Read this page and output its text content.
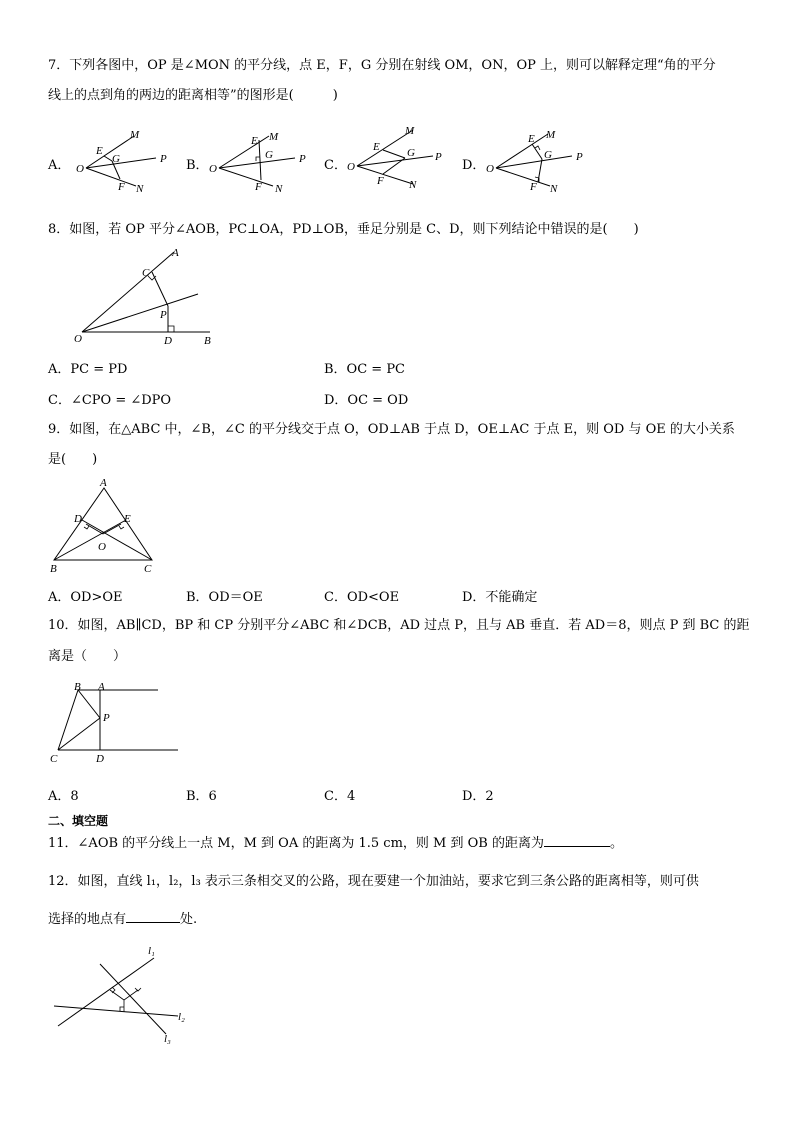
7．下列各图中，OP 是∠MON 的平分线，点 E，F，G 分别在射线 OM，ON，OP 上，则可以解释定理“角的平分
线上的点到角的两边的距离相等”的图形是(　　　)
A．	B．	C．	D．
O
E
M
G	P
F N
O
E M
G P
F N
O
E
M
G P
F N
O
E M
G P
F N
8．如图，若 OP 平分∠AOB，PC⊥OA，PD⊥OB，垂足分别是 C、D，则下列结论中错误的是(　　)
A
C
P
O	D	B
A．PC = PD	B．OC = PC
C．∠CPO = ∠DPO	D．OC = OD
9．如图，在△ABC 中，∠B，∠C 的平分线交于点 O，OD⊥AB 于点 D，OE⊥AC 于点 E，则 OD 与 OE 的大小关系
是(　　)
A
D	E
O
B	C
A．OD>OE	B．OD＝OE	C．OD<OE	D．不能确定
10．如图，AB∥CD，BP 和 CP 分别平分∠ABC 和∠DCB，AD 过点 P，且与 AB 垂直．若 AD＝8，则点 P 到 BC 的距
离是（　　）
B A
P
C	D
A．8	B．6	C．4	D．2
二、填空题
11．∠AOB 的平分线上一点 M，M 到 OA 的距离为 1.5 cm，则 M 到 OB 的距离为	。
12．如图，直线 l₁，l₂，l₃ 表示三条相交叉的公路，现在要建一个加油站，要求它到三条公路的距离相等，则可供
选择的地点有	处.
l₁
l₂
l₃
